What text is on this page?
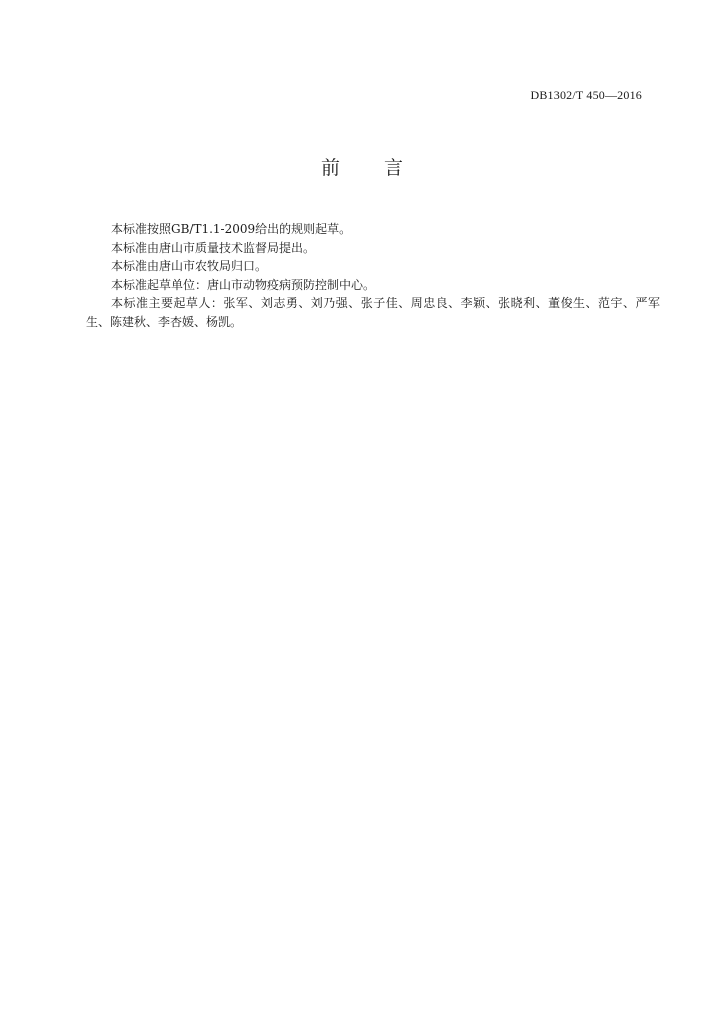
DB1302/T 450—2016
前 言

本标准按照GB/T1.1-2009给出的规则起草。

本标准由唐山市质量技术监督局提出。

本标准由唐山市农牧局归口。

本标准起草单位：唐山市动物疫病预防控制中心。

本标准主要起草人：张军、刘志勇、刘乃强、张子佳、周忠良、李颖、张晓利、董俊生、范宇、严军生、陈建秋、李杏媛、杨凯。
